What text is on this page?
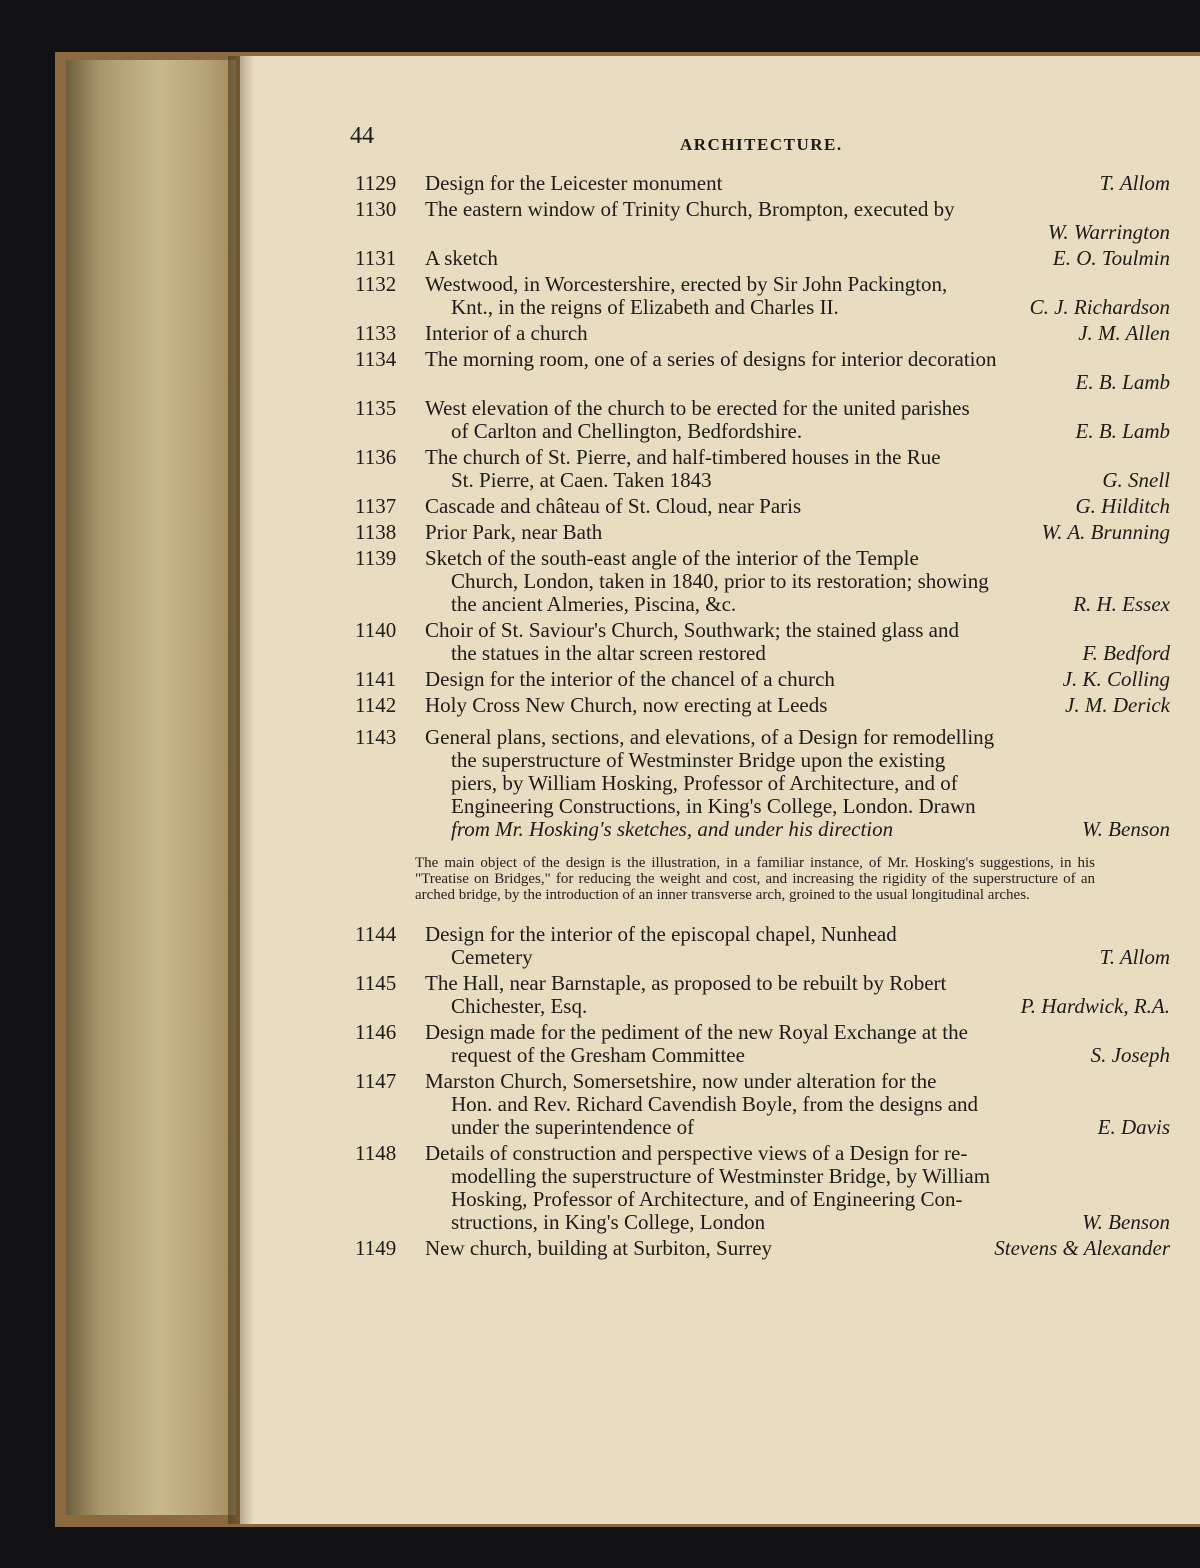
44	ARCHITECTURE.
1129	Design for the Leicester monument	T. Allom
1130	The eastern window of Trinity Church, Brompton, executed by
W. Warrington
1131	A sketch	E. O. Toulmin
1132	Westwood, in Worcestershire, erected by Sir John Packington,
Knt., in the reigns of Elizabeth and Charles II.	C. J. Richardson
1133	Interior of a church	J. M. Allen
1134	The morning room, one of a series of designs for interior decoration
E. B. Lamb
1135	West elevation of the church to be erected for the united parishes
of Carlton and Chellington, Bedfordshire.	E. B. Lamb
1136	The church of St. Pierre, and half-timbered houses in the Rue
St. Pierre, at Caen. Taken 1843	G. Snell
1137	Cascade and château of St. Cloud, near Paris	G. Hilditch
1138	Prior Park, near Bath	W. A. Brunning
1139	Sketch of the south-east angle of the interior of the Temple
Church, London, taken in 1840, prior to its restoration; showing
the ancient Almeries, Piscina, &c.	R. H. Essex
1140	Choir of St. Saviour's Church, Southwark; the stained glass and
the statues in the altar screen restored	F. Bedford
1141	Design for the interior of the chancel of a church	J. K. Colling
1142	Holy Cross New Church, now erecting at Leeds	J. M. Derick
1143	General plans, sections, and elevations, of a Design for remodelling
the superstructure of Westminster Bridge upon the existing
piers, by William Hosking, Professor of Architecture, and of
Engineering Constructions, in King's College, London. Drawn
from Mr. Hosking's sketches, and under his direction	W. Benson
The main object of the design is the illustration, in a familiar instance, of Mr. Hosking's suggestions, in his "Treatise on Bridges," for reducing the weight and cost, and increasing the rigidity of the superstructure of an arched bridge, by the introduction of an inner transverse arch, groined to the usual longitudinal arches.
1144	Design for the interior of the episcopal chapel, Nunhead
Cemetery	T. Allom
1145	The Hall, near Barnstaple, as proposed to be rebuilt by Robert
Chichester, Esq.	P. Hardwick, R.A.
1146	Design made for the pediment of the new Royal Exchange at the
request of the Gresham Committee	S. Joseph
1147	Marston Church, Somersetshire, now under alteration for the
Hon. and Rev. Richard Cavendish Boyle, from the designs and
under the superintendence of	E. Davis
1148	Details of construction and perspective views of a Design for re-
modelling the superstructure of Westminster Bridge, by William
Hosking, Professor of Architecture, and of Engineering Con-
structions, in King's College, London	W. Benson
1149	New church, building at Surbiton, Surrey	Stevens & Alexander
